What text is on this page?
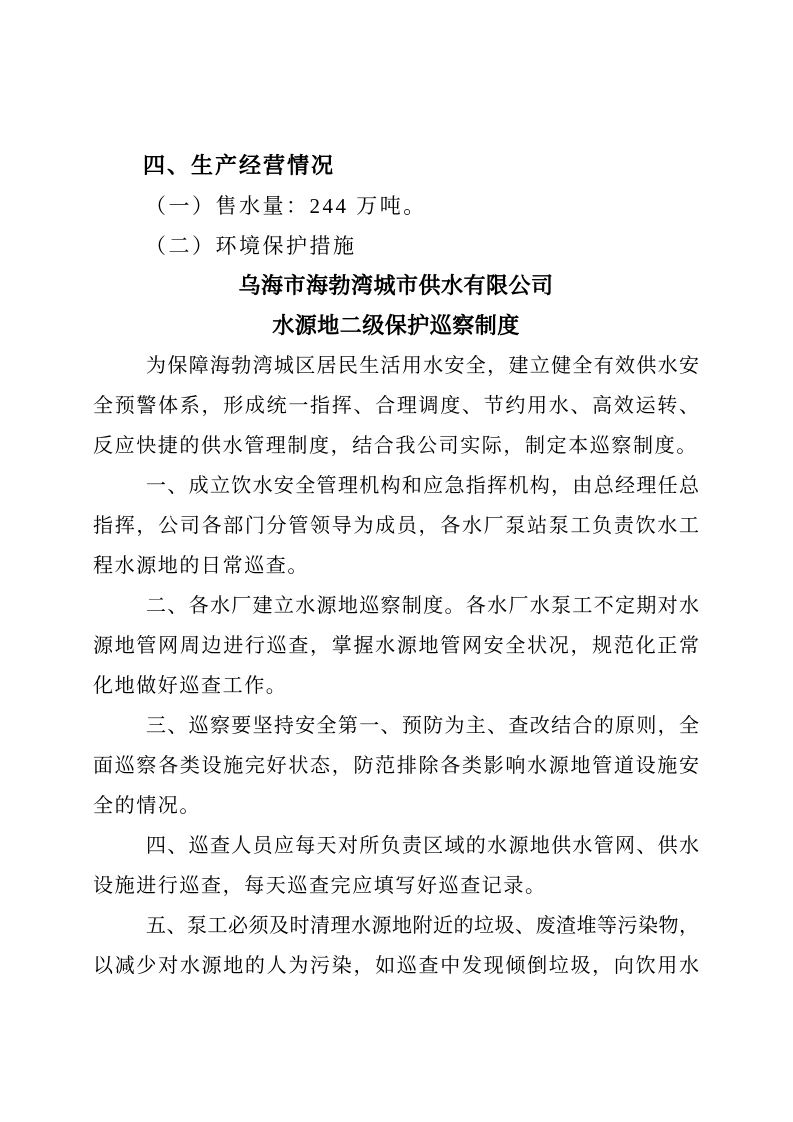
四、生产经营情况
（一）售水量：244 万吨。
（二）环境保护措施
乌海市海勃湾城市供水有限公司
水源地二级保护巡察制度
为保障海勃湾城区居民生活用水安全，建立健全有效供水安
全预警体系，形成统一指挥、合理调度、节约用水、高效运转、
反应快捷的供水管理制度，结合我公司实际，制定本巡察制度。
一、成立饮水安全管理机构和应急指挥机构，由总经理任总
指挥，公司各部门分管领导为成员，各水厂泵站泵工负责饮水工
程水源地的日常巡查。
二、各水厂建立水源地巡察制度。各水厂水泵工不定期对水
源地管网周边进行巡查，掌握水源地管网安全状况，规范化正常
化地做好巡查工作。
三、巡察要坚持安全第一、预防为主、查改结合的原则，全
面巡察各类设施完好状态，防范排除各类影响水源地管道设施安
全的情况。
四、巡查人员应每天对所负责区域的水源地供水管网、供水
设施进行巡查，每天巡查完应填写好巡查记录。
五、泵工必须及时清理水源地附近的垃圾、废渣堆等污染物，
以减少对水源地的人为污染，如巡查中发现倾倒垃圾，向饮用水
